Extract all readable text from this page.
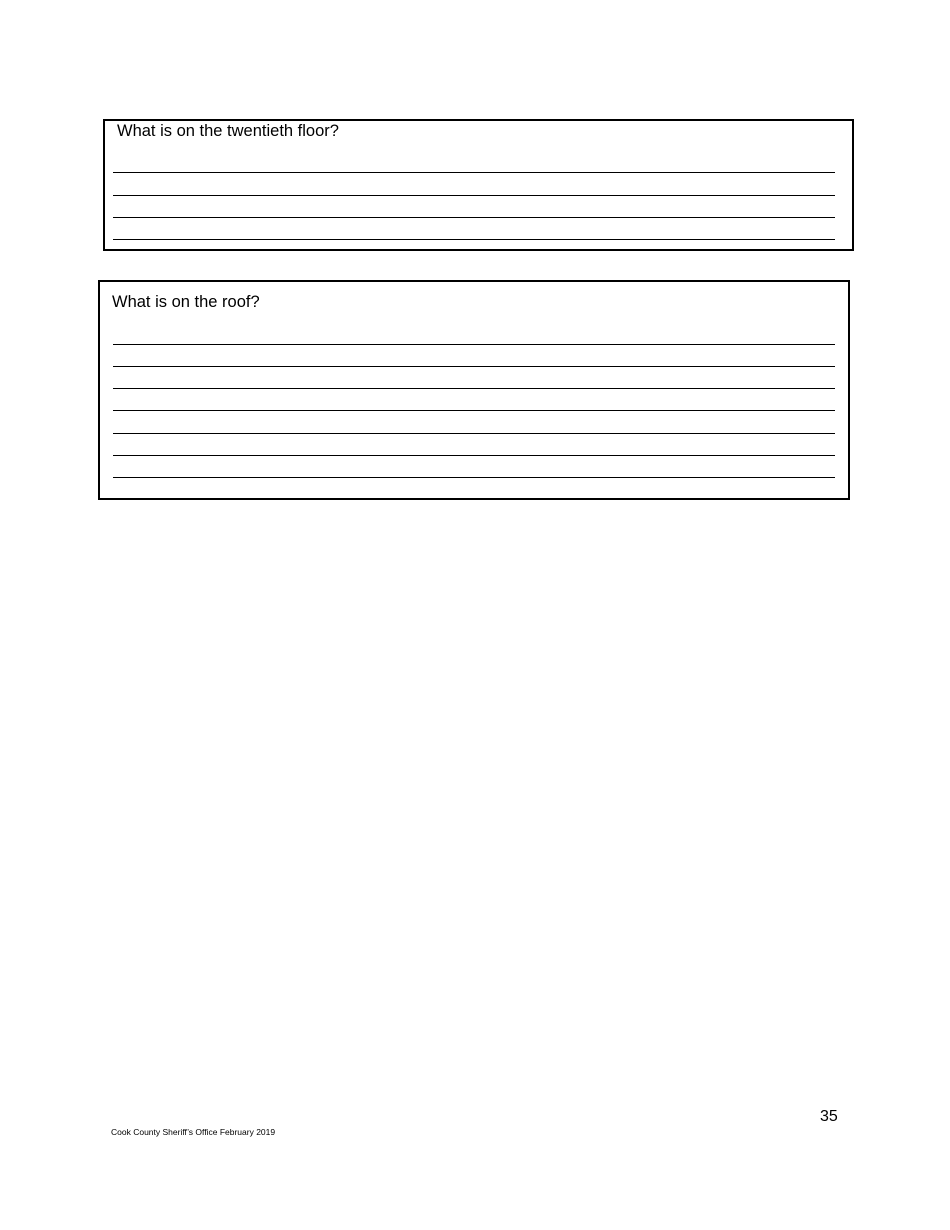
What is on the twentieth floor?
What is on the roof?
35
Cook County Sheriff’s Office February 2019
